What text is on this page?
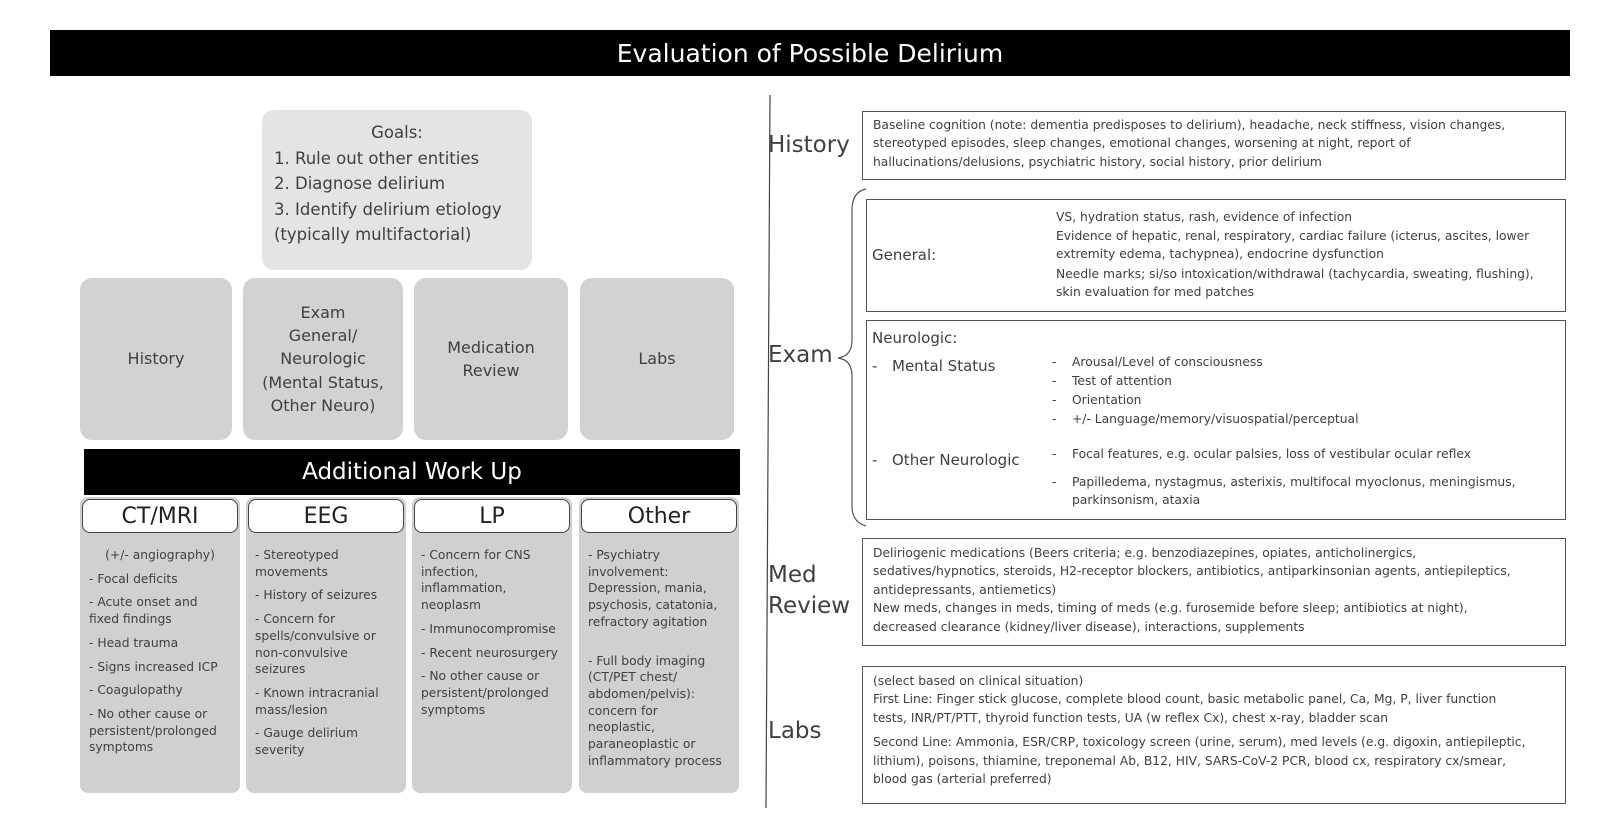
Evaluation of Possible Delirium
Goals:
1. Rule out other entities
2. Diagnose delirium
3. Identify delirium etiology
(typically multifactorial)
History
Exam
General/
Neurologic
(Mental Status,
Other Neuro)
Medication
Review
Labs
Additional Work Up
CT/MRI
(+/- angiography)
- Focal deficits
- Acute onset and
fixed findings
- Head trauma
- Signs increased ICP
- Coagulopathy
- No other cause or
persistent/prolonged
symptoms
EEG
- Stereotyped
movements
- History of seizures
- Concern for
spells/convulsive or
non-convulsive
seizures
- Known intracranial
mass/lesion
- Gauge delirium
severity
LP
- Concern for CNS
infection,
inflammation,
neoplasm
- Immunocompromise
- Recent neurosurgery
- No other cause or
persistent/prolonged
symptoms
Other
- Psychiatry
involvement:
Depression, mania,
psychosis, catatonia,
refractory agitation
- Full body imaging
(CT/PET chest/
abdomen/pelvis):
concern for
neoplastic,
paraneoplastic or
inflammatory process
History
Exam
Med
Review
Labs

Baseline cognition (note: dementia predisposes to delirium), headache, neck stiffness, vision changes,
stereotyped episodes, sleep changes, emotional changes, worsening at night, report of
hallucinations/delusions, psychiatric history, social history, prior delirium

General:
VS, hydration status, rash, evidence of infection
Evidence of hepatic, renal, respiratory, cardiac failure (icterus, ascites, lower
extremity edema, tachypnea), endocrine dysfunction
Needle marks; si/so intoxication/withdrawal (tachycardia, sweating, flushing),
skin evaluation for med patches
Neurologic:
- Mental Status	- Arousal/Level of consciousness
- Test of attention
- Orientation
- +/- Language/memory/visuospatial/perceptual
- Other Neurologic	- Focal features, e.g. ocular palsies, loss of vestibular ocular reflex
- Papilledema, nystagmus, asterixis, multifocal myoclonus, meningismus,
parkinsonism, ataxia

Deliriogenic medications (Beers criteria; e.g. benzodiazepines, opiates, anticholinergics,
sedatives/hypnotics, steroids, H2-receptor blockers, antibiotics, antiparkinsonian agents, antiepileptics,
antidepressants, antiemetics)

New meds, changes in meds, timing of meds (e.g. furosemide before sleep; antibiotics at night),
decreased clearance (kidney/liver disease), interactions, supplements

(select based on clinical situation)

First Line: Finger stick glucose, complete blood count, basic metabolic panel, Ca, Mg, P, liver function
tests, INR/PT/PTT, thyroid function tests, UA (w reflex Cx), chest x-ray, bladder scan

Second Line: Ammonia, ESR/CRP, toxicology screen (urine, serum), med levels (e.g. digoxin, antiepileptic,
lithium), poisons, thiamine, treponemal Ab, B12, HIV, SARS-CoV-2 PCR, blood cx, respiratory cx/smear,
blood gas (arterial preferred)
